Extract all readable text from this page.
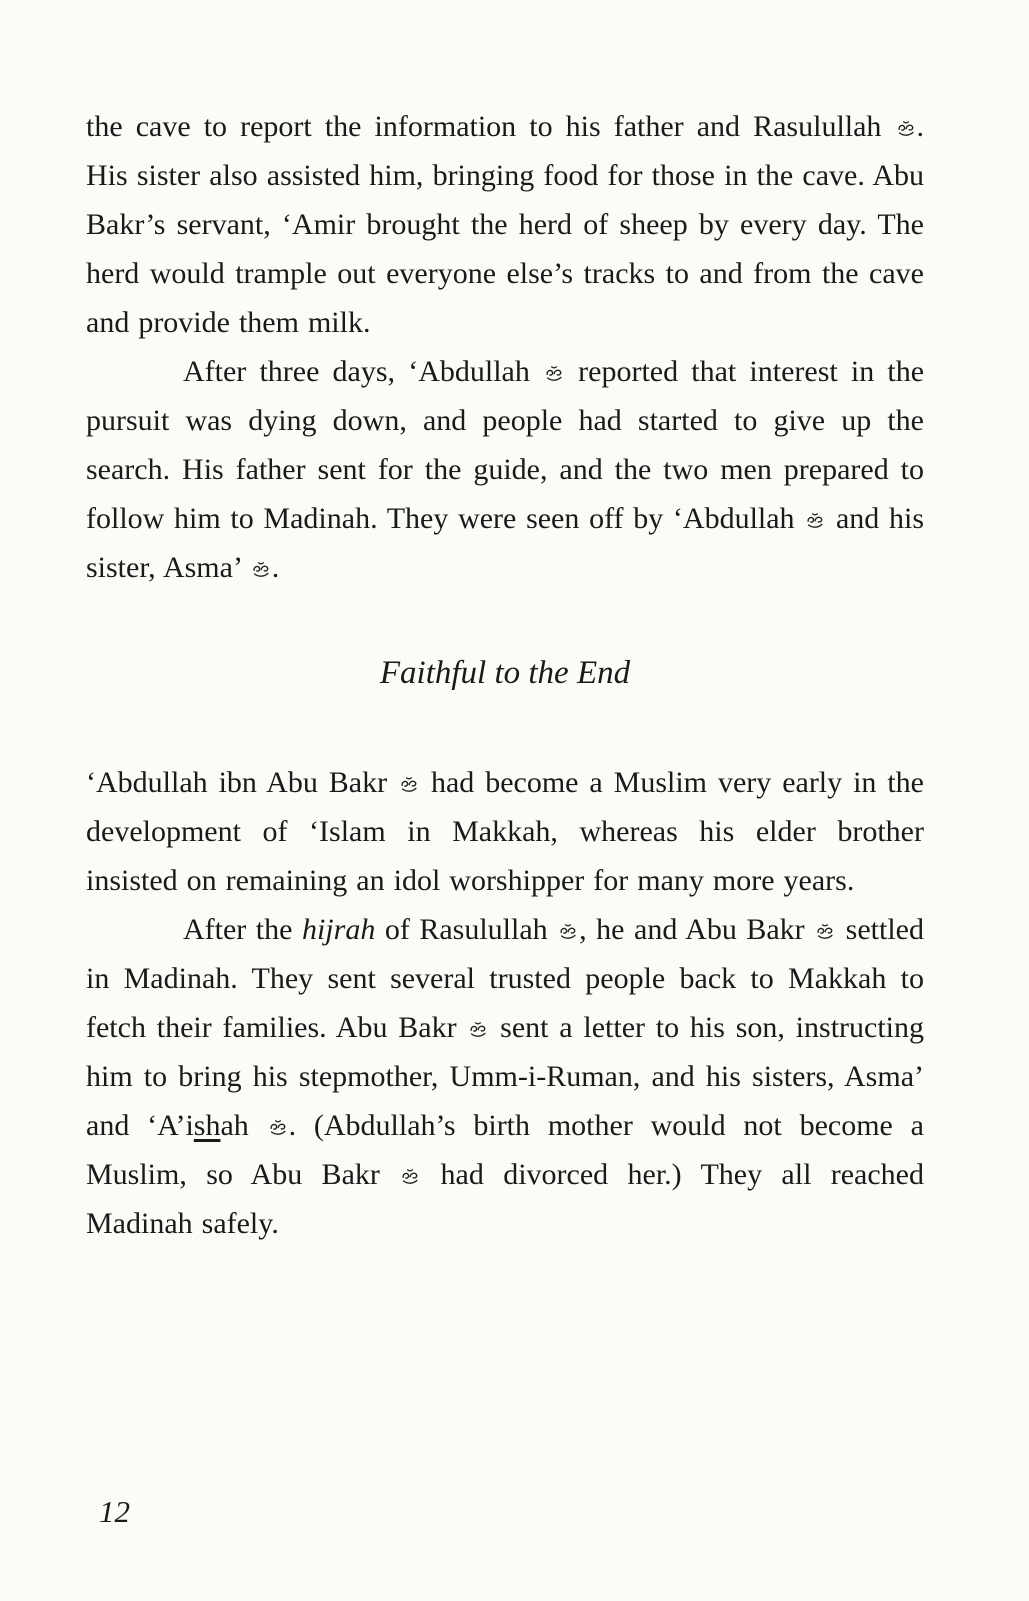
the cave to report the information to his father and Rasulullah
. His sister also assisted him, bringing food for those in the cave. Abu Bakr’s servant, ‘Amir brought the herd of sheep by every day. The herd would trample out everyone else’s tracks to and from the cave and provide them milk.

After three days, ‘Abdullah
reported that interest in the pursuit was dying down, and people had started to give up the search. His father sent for the guide, and the two men prepared to follow him to Madinah. They were seen off by ‘Abdullah
and his sister, Asma’
.

Faithful to the End

‘Abdullah ibn Abu Bakr
had become a Muslim very early in the development of ‘Islam in Makkah, whereas his elder brother insisted on remaining an idol worshipper for many more years.

After the hijrah of Rasulullah
, he and Abu Bakr
settled in Madinah. They sent several trusted people back to Makkah to fetch their families. Abu Bakr
sent a letter to his son, instructing him to bring his stepmother, Umm-i-Ruman, and his sisters, Asma’ and ‘A’ishah
. (Abdullah’s birth mother would not become a Muslim, so Abu Bakr
had divorced her.) They all reached Madinah safely.

12
